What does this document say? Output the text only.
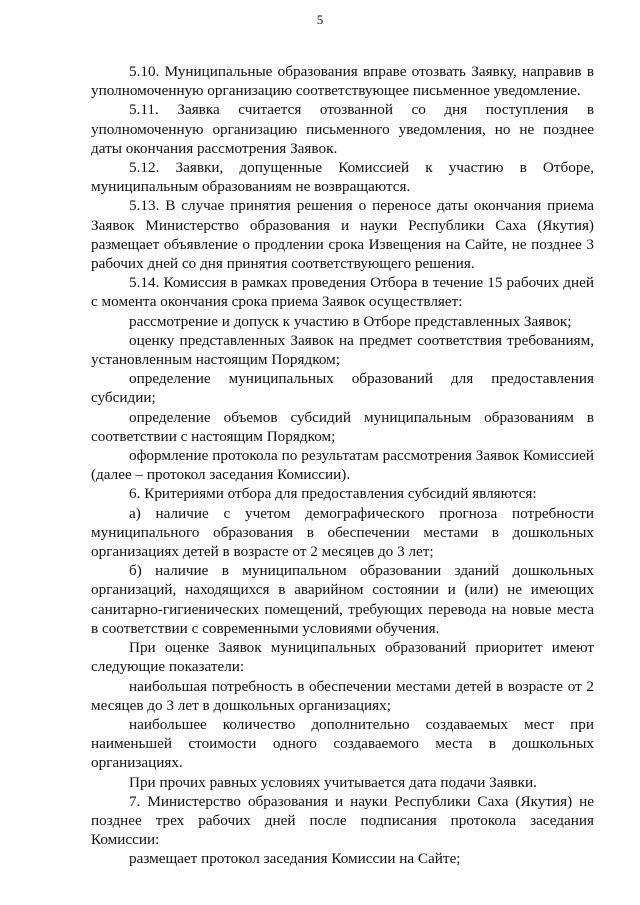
5

5.10. Муниципальные образования вправе отозвать Заявку, направив в уполномоченную организацию соответствующее письменное уведомление.

5.11. Заявка считается отозванной со дня поступления в уполномоченную организацию письменного уведомления, но не позднее даты окончания рассмотрения Заявок.

5.12. Заявки, допущенные Комиссией к участию в Отборе, муниципальным образованиям не возвращаются.

5.13. В случае принятия решения о переносе даты окончания приема Заявок Министерство образования и науки Республики Саха (Якутия) размещает объявление о продлении срока Извещения на Сайте, не позднее 3 рабочих дней со дня принятия соответствующего решения.

5.14. Комиссия в рамках проведения Отбора в течение 15 рабочих дней с момента окончания срока приема Заявок осуществляет:

рассмотрение и допуск к участию в Отборе представленных Заявок;

оценку представленных Заявок на предмет соответствия требованиям, установленным настоящим Порядком;

определение муниципальных образований для предоставления субсидии;

определение объемов субсидий муниципальным образованиям в соответствии с настоящим Порядком;

оформление протокола по результатам рассмотрения Заявок Комиссией (далее – протокол заседания Комиссии).

6. Критериями отбора для предоставления субсидий являются:

а) наличие с учетом демографического прогноза потребности муниципального образования в обеспечении местами в дошкольных организациях детей в возрасте от 2 месяцев до 3 лет;

б) наличие в муниципальном образовании зданий дошкольных организаций, находящихся в аварийном состоянии и (или) не имеющих санитарно-гигиенических помещений, требующих перевода на новые места в соответствии с современными условиями обучения.

При оценке Заявок муниципальных образований приоритет имеют следующие показатели:

наибольшая потребность в обеспечении местами детей в возрасте от 2 месяцев до 3 лет в дошкольных организациях;

наибольшее количество дополнительно создаваемых мест при наименьшей стоимости одного создаваемого места в дошкольных организациях.

При прочих равных условиях учитывается дата подачи Заявки.

7. Министерство образования и науки Республики Саха (Якутия) не позднее трех рабочих дней после подписания протокола заседания Комиссии:

размещает протокол заседания Комиссии на Сайте;
